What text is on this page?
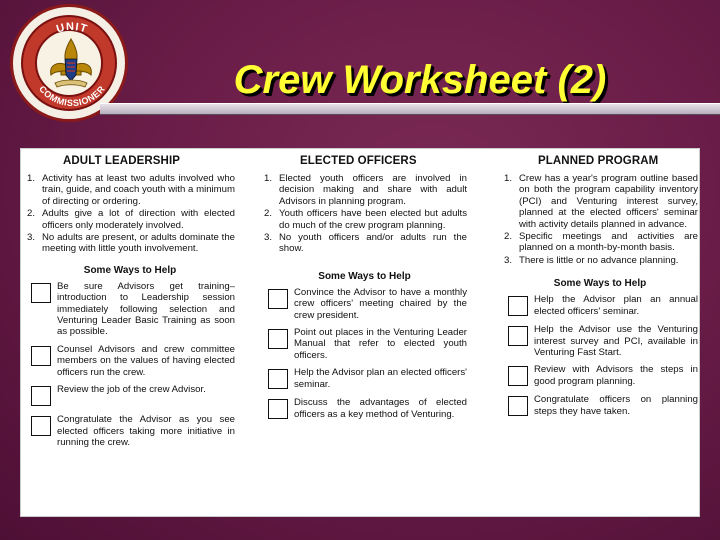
UNIT
COMMISSIONER	Crew Worksheet (2)
ADULT LEADERSHIP
1. Activity has at least two adults involved who train, guide, and coach youth with a minimum of directing or ordering.
2. Adults give a lot of direction with elected officers only moderately involved.
3. No adults are present, or adults dominate the meeting with little youth involvement.
Some Ways to Help
Be sure Advisors get training– introduction to Leadership session immediately following selection and Venturing Leader Basic Training as soon as possible.
Counsel Advisors and crew committee members on the values of having elected officers run the crew.
Review the job of the crew Advisor.
Congratulate the Advisor as you see elected officers taking more initiative in running the crew.
ELECTED OFFICERS
1. Elected youth officers are involved in decision making and share with adult Advisors in planning program.
2. Youth officers have been elected but adults do much of the crew program planning.
3. No youth officers and/or adults run the show.
Some Ways to Help
Convince the Advisor to have a monthly crew officers' meeting chaired by the crew president.
Point out places in the Venturing Leader Manual that refer to elected youth officers.
Help the Advisor plan an elected officers' seminar.
Discuss the advantages of elected officers as a key method of Venturing.
PLANNED PROGRAM
1. Crew has a year's program outline based on both the program capability inventory (PCI) and Venturing interest survey, planned at the elected officers' seminar with activity details planned in advance.
2. Specific meetings and activities are planned on a month-by-month basis.
3. There is little or no advance planning.
Some Ways to Help
Help the Advisor plan an annual elected officers' seminar.
Help the Advisor use the Venturing interest survey and PCI, available in Venturing Fast Start.
Review with Advisors the steps in good program planning.
Congratulate officers on planning steps they have taken.
